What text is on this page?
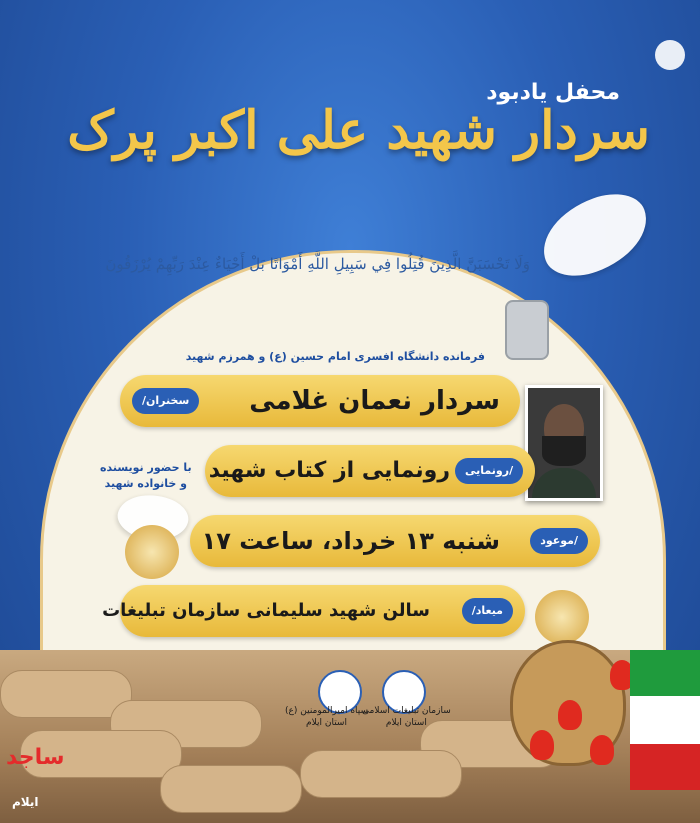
محفل یادبود
سردار شهید علی اکبر پرک
وَلَا تَحْسَبَنَّ الَّذِينَ قُتِلُوا فِي سَبِيلِ اللَّهِ أَمْوَاتًا بَلْ أَحْيَاءٌ عِنْدَ رَبِّهِمْ يُرْزَقُونَ
فرمانده دانشگاه افسری امام حسین (ع) و همرزم شهید
سردار نعمان غلامی
سخنران/
رونمایی از کتاب شهید	/رونمایی
با حضور نویسنده
و خانواده شهید
شنبه ۱۳ خرداد، ساعت ۱۷	/موعود
سالن شهید سلیمانی سازمان تبلیغات	میعاد/
سپاه امیرالمومنین (ع)
استان ایلام
سازمان تبلیغات اسلامی
استان ایلام
ساجد
ایلام
